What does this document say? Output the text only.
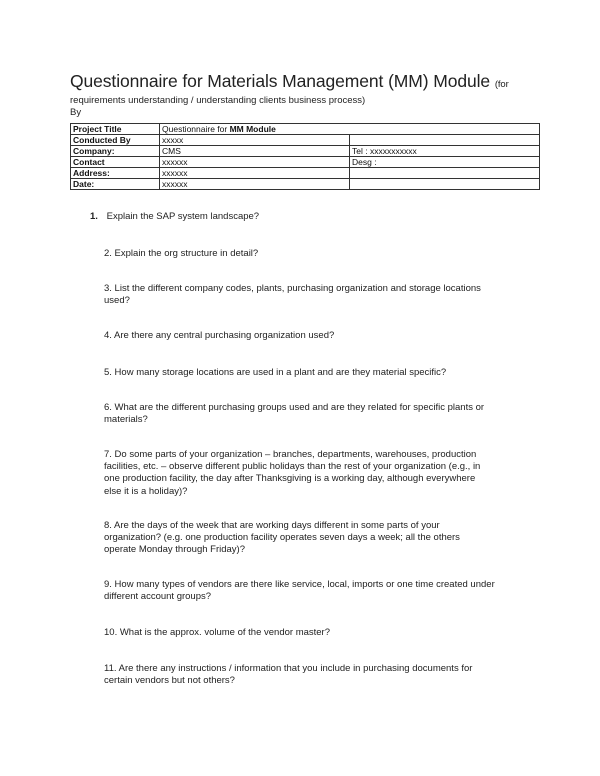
Questionnaire for Materials Management (MM) Module (for
requirements understanding / understanding clients business process)
By
Project Title	Questionnaire for MM Module	
Conducted By	xxxxx	
Company:	CMS	Tel : xxxxxxxxxxx
Contact	xxxxxx	Desg :
Address:	xxxxxx	
Date:	xxxxxx	
1. Explain the SAP system landscape?
2. Explain the org structure in detail?
3. List the different company codes, plants, purchasing organization and storage locations
used?
4. Are there any central purchasing organization used?
5. How many storage locations are used in a plant and are they material specific?
6. What are the different purchasing groups used and are they related for specific plants or
materials?
7. Do some parts of your organization – branches, departments, warehouses, production
facilities, etc. – observe different public holidays than the rest of your organization (e.g., in
one production facility, the day after Thanksgiving is a working day, although everywhere
else it is a holiday)?
8. Are the days of the week that are working days different in some parts of your
organization? (e.g. one production facility operates seven days a week; all the others
operate Monday through Friday)?
9. How many types of vendors are there like service, local, imports or one time created under
different account groups?
10. What is the approx. volume of the vendor master?
11. Are there any instructions / information that you include in purchasing documents for
certain vendors but not others?
